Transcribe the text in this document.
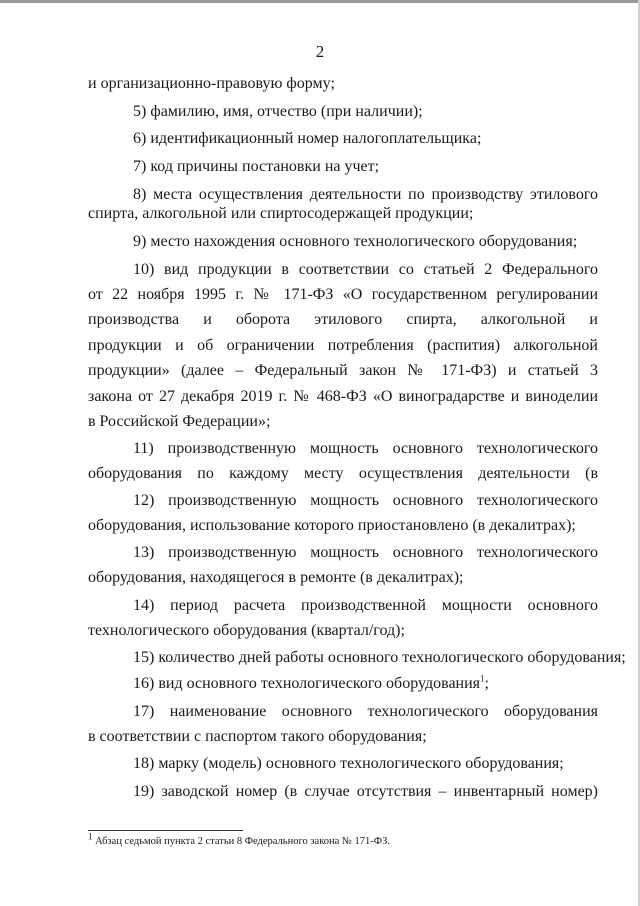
2
и организационно-правовую форму;
5) фамилию, имя, отчество (при наличии);
6) идентификационный номер налогоплательщика;
7) код причины постановки на учет;
8) места осуществления деятельности по производству этилового
спирта, алкогольной или спиртосодержащей продукции;
9) место нахождения основного технологического оборудования;
10) вид продукции в соответствии со статьей 2 Федерального
от 22 ноября 1995 г. № 171-ФЗ «О государственном регулировании
производства и оборота этилового спирта, алкогольной и
продукции и об ограничении потребления (распития) алкогольной
продукции» (далее – Федеральный закон № 171-ФЗ) и статьей 3
закона от 27 декабря 2019 г. № 468-ФЗ «О виноградарстве и виноделии
в Российской Федерации»;
11) производственную мощность основного технологического
оборудования по каждому месту осуществления деятельности (в
12) производственную мощность основного технологического
оборудования, использование которого приостановлено (в декалитрах);
13) производственную мощность основного технологического
оборудования, находящегося в ремонте (в декалитрах);
14) период расчета производственной мощности основного
технологического оборудования (квартал/год);
15) количество дней работы основного технологического оборудования;
16) вид основного технологического оборудования$^1$;
17) наименование основного технологического оборудования
в соответствии с паспортом такого оборудования;
18) марку (модель) основного технологического оборудования;
19) заводской номер (в случае отсутствия – инвентарный номер)
$^1$ Абзац седьмой пункта 2 статьи 8 Федерального закона № 171-ФЗ.
